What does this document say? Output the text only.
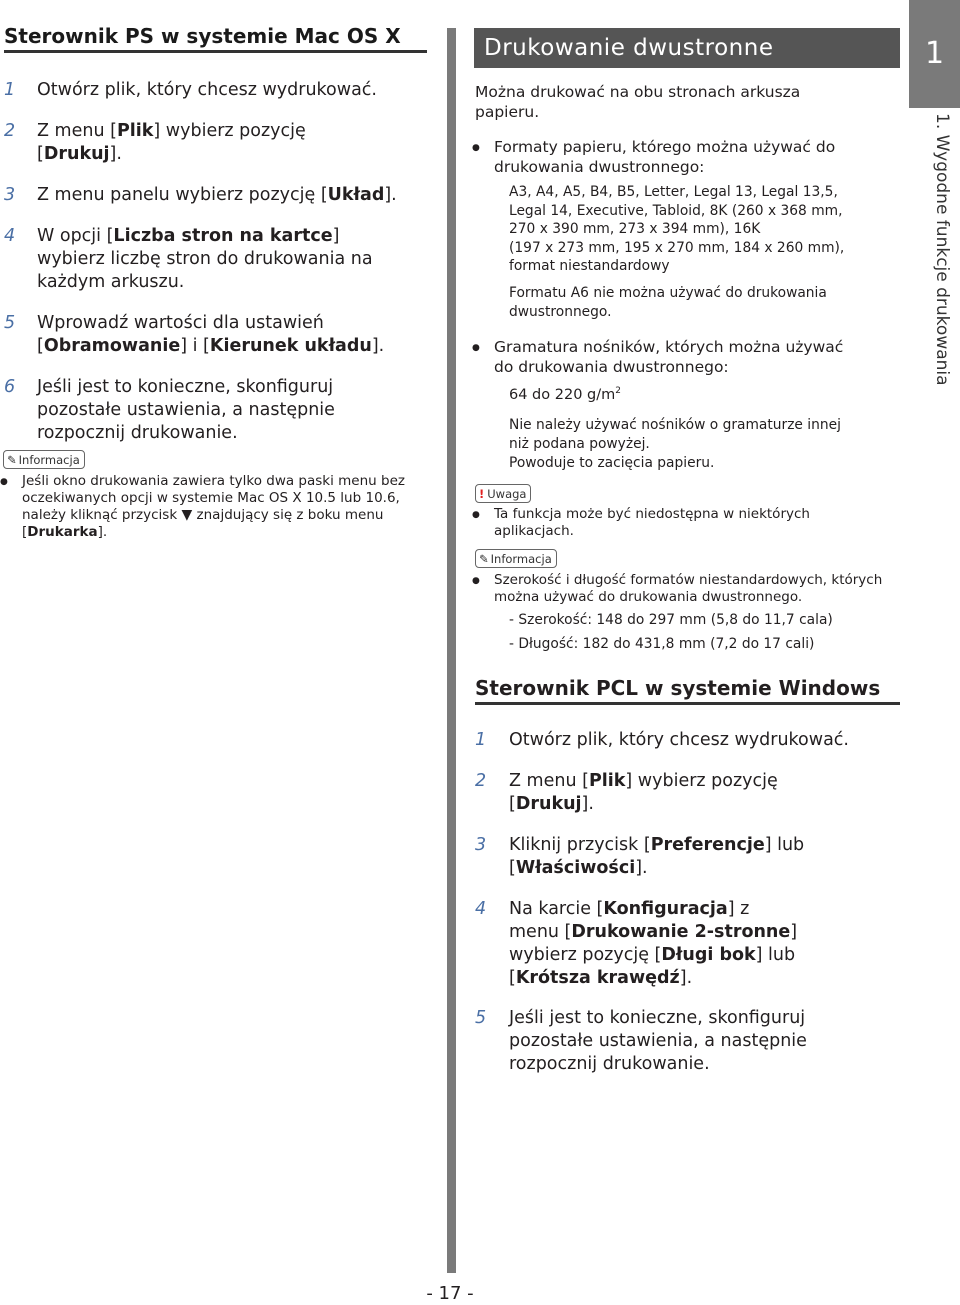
Sterownik PS w systemie Mac OS X
1 Otwórz plik, który chcesz wydrukować.
2 Z menu [Plik] wybierz pozycję
[Drukuj].
3 Z menu panelu wybierz pozycję [Układ].
4 W opcji [Liczba stron na kartce]
wybierz liczbę stron do drukowania na
każdym arkuszu.
5 Wprowadź wartości dla ustawień
[Obramowanie] i [Kierunek układu].
6 Jeśli jest to konieczne, skonfiguruj
pozostałe ustawienia, a następnie
rozpocznij drukowanie.
✎ Informacja
● Jeśli okno drukowania zawiera tylko dwa paski menu bez
oczekiwanych opcji w systemie Mac OS X 10.5 lub 10.6,
należy kliknąć przycisk ▼ znajdujący się z boku menu
[Drukarka].
Drukowanie dwustronne
Można drukować na obu stronach arkusza
papieru.
● Formaty papieru, którego można używać do
drukowania dwustronnego:
A3, A4, A5, B4, B5, Letter, Legal 13, Legal 13,5,
Legal 14, Executive, Tabloid, 8K (260 x 368 mm,
270 x 390 mm, 273 x 394 mm), 16K
(197 x 273 mm, 195 x 270 mm, 184 x 260 mm),
format niestandardowy
Formatu A6 nie można używać do drukowania
dwustronnego.
● Gramatura nośników, których można używać
do drukowania dwustronnego:
64 do 220 $g/m^2$
Nie należy używać nośników o gramaturze innej
niż podana powyżej.
Powoduje to zacięcia papieru.
! Uwaga
● Ta funkcja może być niedostępna w niektórych
aplikacjach.
✎ Informacja
● Szerokość i długość formatów niestandardowych, których
można używać do drukowania dwustronnego.
- Szerokość: 148 do 297 mm (5,8 do 11,7 cala)
- Długość: 182 do 431,8 mm (7,2 do 17 cali)
Sterownik PCL w systemie Windows
1 Otwórz plik, który chcesz wydrukować.
2 Z menu [Plik] wybierz pozycję
[Drukuj].
3 Kliknij przycisk [Preferencje] lub
[Właściwości].
4 Na karcie [Konfiguracja] z
menu [Drukowanie 2-stronne]
wybierz pozycję [Długi bok] lub
[Krótsza krawędź].
5 Jeśli jest to konieczne, skonfiguruj
pozostałe ustawienia, a następnie
rozpocznij drukowanie.
1
1. Wygodne funkcje drukowania
- 17 -
